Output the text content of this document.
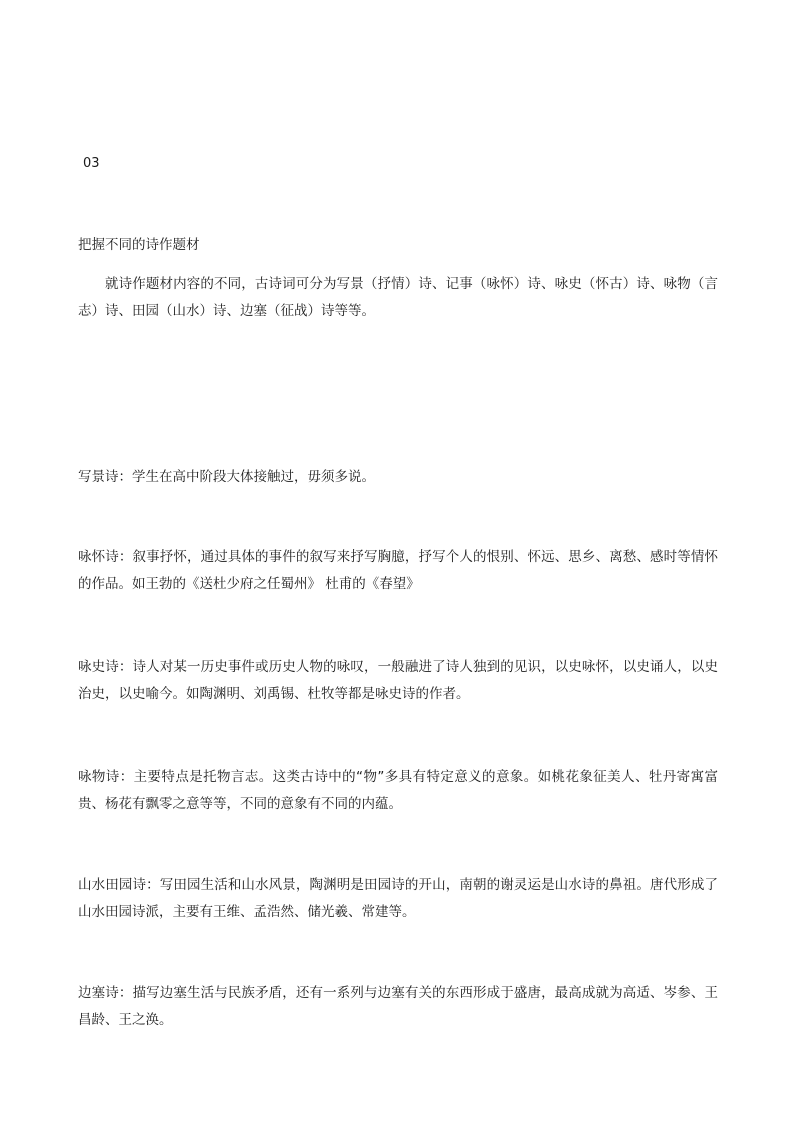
03
把握不同的诗作题材

就诗作题材内容的不同，古诗词可分为写景（抒情）诗、记事（咏怀）诗、咏史（怀古）诗、咏物（言志）诗、田园（山水）诗、边塞（征战）诗等等。

写景诗：学生在高中阶段大体接触过，毋须多说。

咏怀诗：叙事抒怀，通过具体的事件的叙写来抒写胸臆，抒写个人的恨别、怀远、思乡、离愁、感时等情怀的作品。如王勃的《送杜少府之任蜀州》 杜甫的《春望》

咏史诗：诗人对某一历史事件或历史人物的咏叹，一般融进了诗人独到的见识，以史咏怀，以史诵人，以史治史，以史喻今。如陶渊明、刘禹锡、杜牧等都是咏史诗的作者。

咏物诗：主要特点是托物言志。这类古诗中的“物”多具有特定意义的意象。如桃花象征美人、牡丹寄寓富贵、杨花有飘零之意等等，不同的意象有不同的内蕴。

山水田园诗：写田园生活和山水风景，陶渊明是田园诗的开山，南朝的谢灵运是山水诗的鼻祖。唐代形成了山水田园诗派，主要有王维、孟浩然、储光羲、常建等。

边塞诗：描写边塞生活与民族矛盾，还有一系列与边塞有关的东西形成于盛唐，最高成就为高适、岑参、王昌龄、王之涣。
